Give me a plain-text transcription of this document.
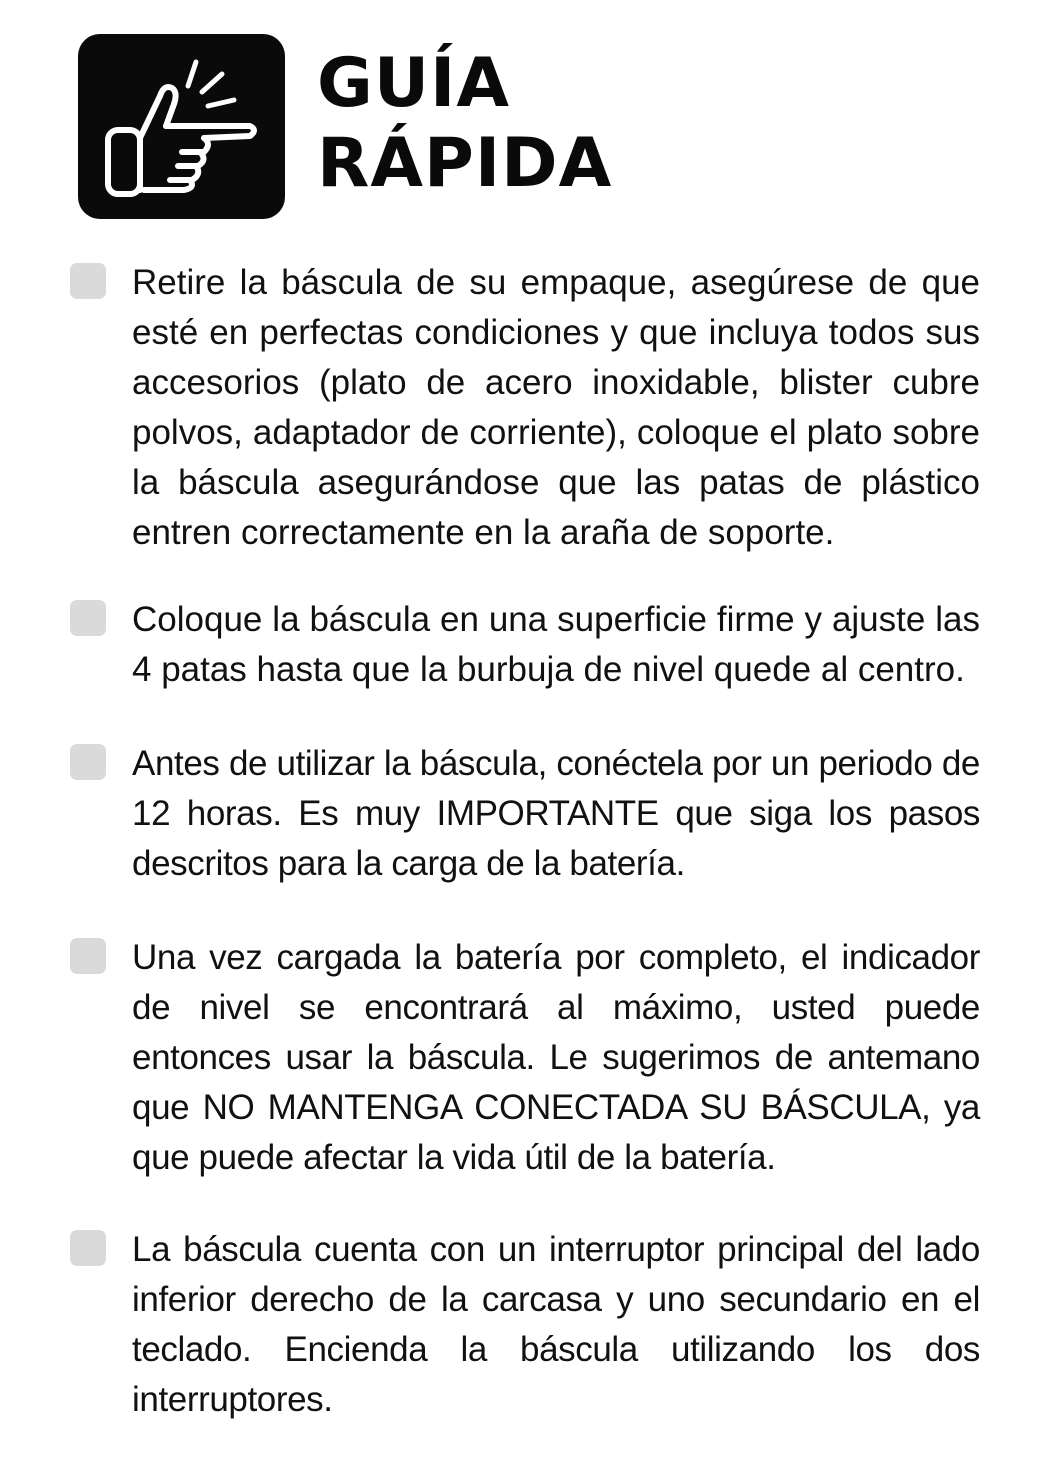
GUÍA
RÁPIDA
Retire la báscula de su empaque, asegúrese de que esté en perfectas condiciones y que incluya todos sus accesorios (plato de acero inoxidable, blister cubre polvos, adaptador de corriente), coloque el plato sobre la báscula asegurándose que las patas de plástico entren correctamente en la araña de soporte.
Coloque la báscula en una superficie firme y ajuste las 4 patas hasta que la burbuja de nivel quede al centro.
Antes de utilizar la báscula, conéctela por un periodo de 12 horas. Es muy IMPORTANTE que siga los pasos descritos para la carga de la batería.
Una vez cargada la batería por completo, el indicador de nivel se encontrará al máximo, usted puede entonces usar la báscula. Le sugerimos de antemano que NO MANTENGA CONECTADA SU BÁSCULA, ya que puede afectar la vida útil de la batería.
La báscula cuenta con un interruptor principal del lado inferior derecho de la carcasa y uno secundario en el teclado. Encienda la báscula utilizando los dos interruptores.
